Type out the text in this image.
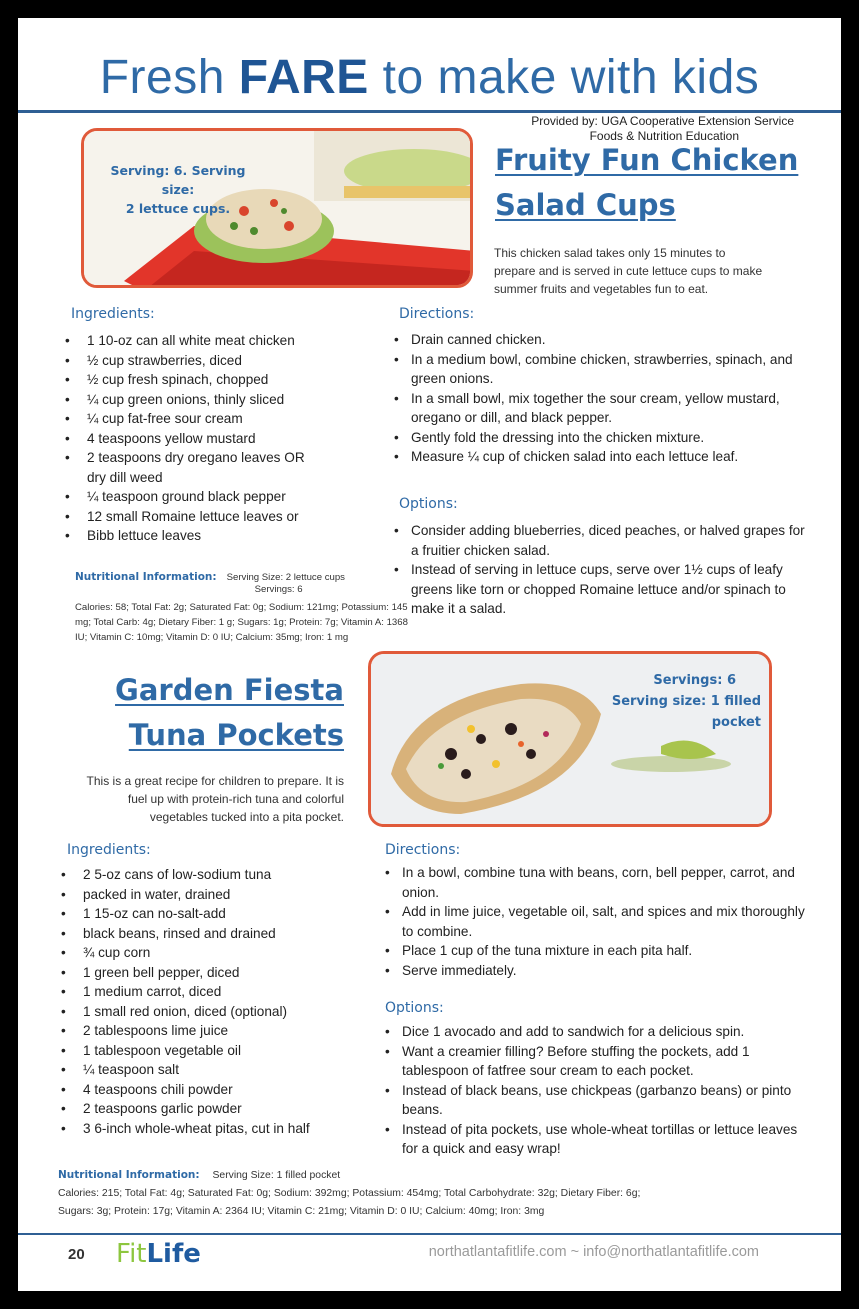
Fresh FARE to make with kids
Provided by: UGA Cooperative Extension Service
Foods & Nutrition Education
Serving: 6. Serving size:
2 lettuce cups.
Fruity Fun Chicken
Salad Cups
This chicken salad takes only 15 minutes to
prepare and is served in cute lettuce cups to make
summer fruits and vegetables fun to eat.
Ingredients:
• 1 10-oz can all white meat chicken
• ½ cup strawberries, diced
• ½ cup fresh spinach, chopped
• ¼ cup green onions, thinly sliced
• ¼ cup fat-free sour cream
• 4 teaspoons yellow mustard
• 2 teaspoons dry oregano leaves OR dry dill weed
• ¼ teaspoon ground black pepper
• 12 small Romaine lettuce leaves or
• Bibb lettuce leaves
Directions:
• Drain canned chicken.
• In a medium bowl, combine chicken, strawberries, spinach, and green onions.
• In a small bowl, mix together the sour cream, yellow mustard, oregano or dill, and black pepper.
• Gently fold the dressing into the chicken mixture.
• Measure ¼ cup of chicken salad into each lettuce leaf.
Options:
• Consider adding blueberries, diced peaches, or halved grapes for a fruitier chicken salad.
• Instead of serving in lettuce cups, serve over 1½ cups of leafy greens like torn or chopped Romaine lettuce and/or spinach to make it a salad.
Nutritional Information: Serving Size: 2 lettuce cups
Servings: 6
Calories: 58; Total Fat: 2g; Saturated Fat: 0g; Sodium: 121mg; Potassium: 145 mg; Total Carb: 4g; Dietary Fiber: 1 g; Sugars: 1g; Protein: 7g; Vitamin A: 1368 IU; Vitamin C: 10mg; Vitamin D: 0 IU; Calcium: 35mg; Iron: 1 mg
Servings: 6
Serving size: 1 filled pocket
Garden Fiesta
Tuna Pockets
This is a great recipe for children to prepare. It is
fuel up with protein-rich tuna and colorful
vegetables tucked into a pita pocket.
Ingredients:
• 2 5-oz cans of low-sodium tuna
• packed in water, drained
• 1 15-oz can no-salt-add
• black beans, rinsed and drained
• ¾ cup corn
• 1 green bell pepper, diced
• 1 medium carrot, diced
• 1 small red onion, diced (optional)
• 2 tablespoons lime juice
• 1 tablespoon vegetable oil
• ¼ teaspoon salt
• 4 teaspoons chili powder
• 2 teaspoons garlic powder
• 3 6-inch whole-wheat pitas, cut in half
Directions:
• In a bowl, combine tuna with beans, corn, bell pepper, carrot, and onion.
• Add in lime juice, vegetable oil, salt, and spices and mix thoroughly to combine.
• Place 1 cup of the tuna mixture in each pita half.
• Serve immediately.
Options:
• Dice 1 avocado and add to sandwich for a delicious spin.
• Want a creamier filling? Before stuffing the pockets, add 1 tablespoon of fatfree sour cream to each pocket.
• Instead of black beans, use chickpeas (garbanzo beans) or pinto beans.
• Instead of pita pockets, use whole-wheat tortillas or lettuce leaves for a quick and easy wrap!
Nutritional Information: Serving Size: 1 filled pocket
Calories: 215; Total Fat: 4g; Saturated Fat: 0g; Sodium: 392mg; Potassium: 454mg; Total Carbohydrate: 32g; Dietary Fiber: 6g;
Sugars: 3g; Protein: 17g; Vitamin A: 2364 IU; Vitamin C: 21mg; Vitamin D: 0 IU; Calcium: 40mg; Iron: 3mg
20 FitLife	northatlantafitlife.com ~ info@northatlantafitlife.com
